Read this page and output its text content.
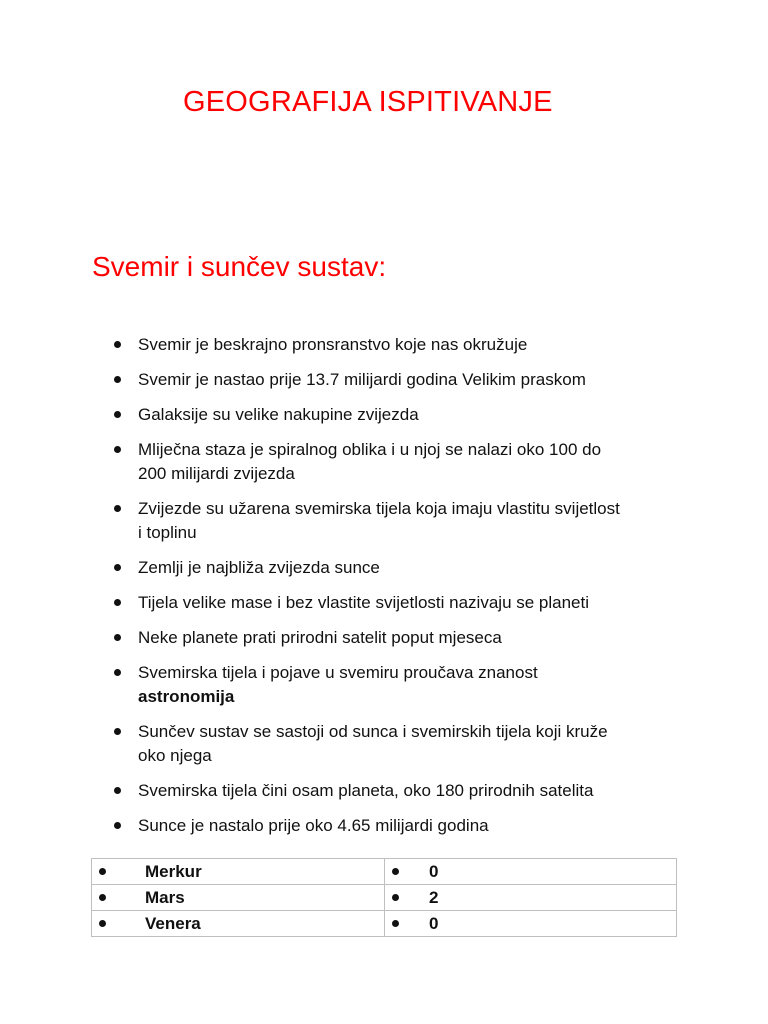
GEOGRAFIJA ISPITIVANJE
Svemir i sunčev sustav:
Svemir je beskrajno pronsranstvo koje nas okružuje
Svemir je nastao prije 13.7 milijardi godina Velikim praskom
Galaksije su velike nakupine zvijezda
Mliječna staza je spiralnog oblika i u njoj se nalazi oko 100 do
200 milijardi zvijezda
Zvijezde su užarena svemirska tijela koja imaju vlastitu svijetlost
i toplinu
Zemlji je najbliža zvijezda sunce
Tijela velike mase i bez vlastite svijetlosti nazivaju se planeti
Neke planete prati prirodni satelit poput mjeseca
Svemirska tijela i pojave u svemiru proučava znanost
astronomija
Sunčev sustav se sastoji od sunca i svemirskih tijela koji kruže
oko njega
Svemirska tijela čini osam planeta, oko 180 prirodnih satelita
Sunce je nastalo prije oko 4.65 milijardi godina
Merkur	0

Mars	2

Venera	0
